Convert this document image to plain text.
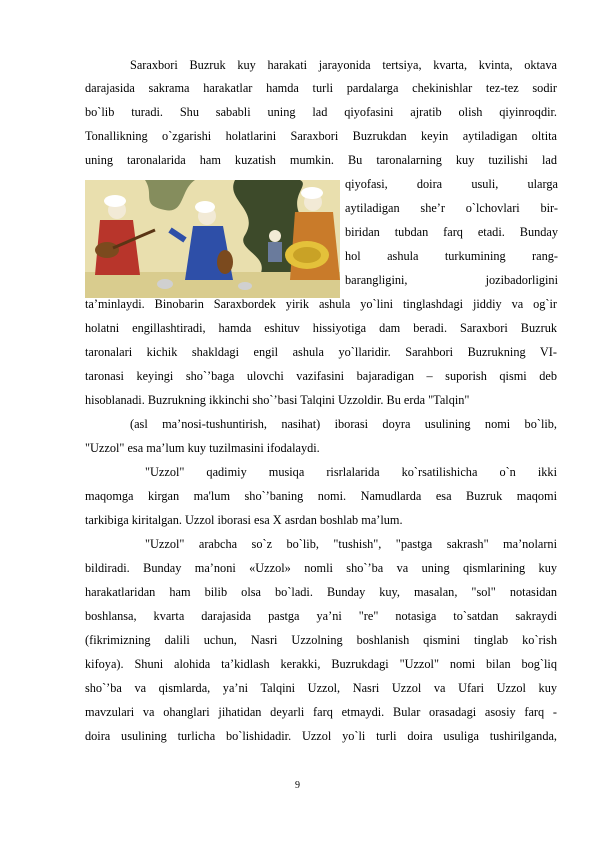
Saraxbori Buzruk kuy harakati jarayonida tertsiya, kvarta, kvinta, oktava
darajasida sakrama harakatlar hamda turli pardalarga chekinishlar tez-tez sodir
bo`lib turadi. Shu sababli uning lad qiyofasini ajratib olish qiyinroqdir.
Tonallikning o`zgarishi holatlarini Saraxbori Buzrukdan keyin aytiladigan oltita
uning taronalarida ham kuzatish mumkin. Bu taronalarning kuy tuzilishi lad
qiyofasi, doira usuli, ularga
aytiladigan she’r o`lchovlari bir-
biridan tubdan farq etadi. Bunday
hol ashula turkumining rang-
barangligini, jozibadorligini
ta’minlaydi. Binobarin Saraxbordek yirik ashula yo`lini tinglashdagi jiddiy va og`ir
holatni engillashtiradi, hamda eshituv hissiyotiga dam beradi. Saraxbori Buzruk
taronalari kichik shakldagi engil ashula yo`llaridir. Sarahbori Buzrukning VI-
taronasi keyingi sho`’baga ulovchi vazifasini bajaradigan – suporish qismi deb
hisoblanadi. Buzrukning ikkinchi sho`’basi Talqini Uzzoldir. Bu erda "Talqin"
(asl ma’nosi-tushuntirish, nasihat) iborasi doyra usulining nomi bo`lib,
"Uzzol" esa ma’lum kuy tuzilmasini ifodalaydi.
"Uzzol" qadimiy musiqa risrlalarida ko`rsatilishicha o`n ikki
maqomga kirgan ma'lum sho`’baning nomi. Namudlarda esa Buzruk maqomi
tarkibiga kiritalgan. Uzzol iborasi esa X asrdan boshlab ma’lum.
"Uzzol" arabcha so`z bo`lib, "tushish", "pastga sakrash" ma’nolarni
bildiradi. Bunday ma’noni «Uzzol» nomli sho`’ba va uning qismlarining kuy
harakatlaridan ham bilib olsa bo`ladi. Bunday kuy, masalan, "sol" notasidan
boshlansa, kvarta darajasida pastga ya’ni "re" notasiga to`satdan sakraydi
(fikrimizning dalili uchun, Nasri Uzzolning boshlanish qismini tinglab ko`rish
kifoya). Shuni alohida ta’kidlash kerakki, Buzrukdagi "Uzzol" nomi bilan bog`liq
sho`’ba va qismlarda, ya’ni Talqini Uzzol, Nasri Uzzol va Ufari Uzzol kuy
mavzulari va ohanglari jihatidan deyarli farq etmaydi. Bular orasadagi asosiy farq -
doira usulining turlicha bo`lishidadir. Uzzol yo`li turli doira usuliga tushirilganda,
9
